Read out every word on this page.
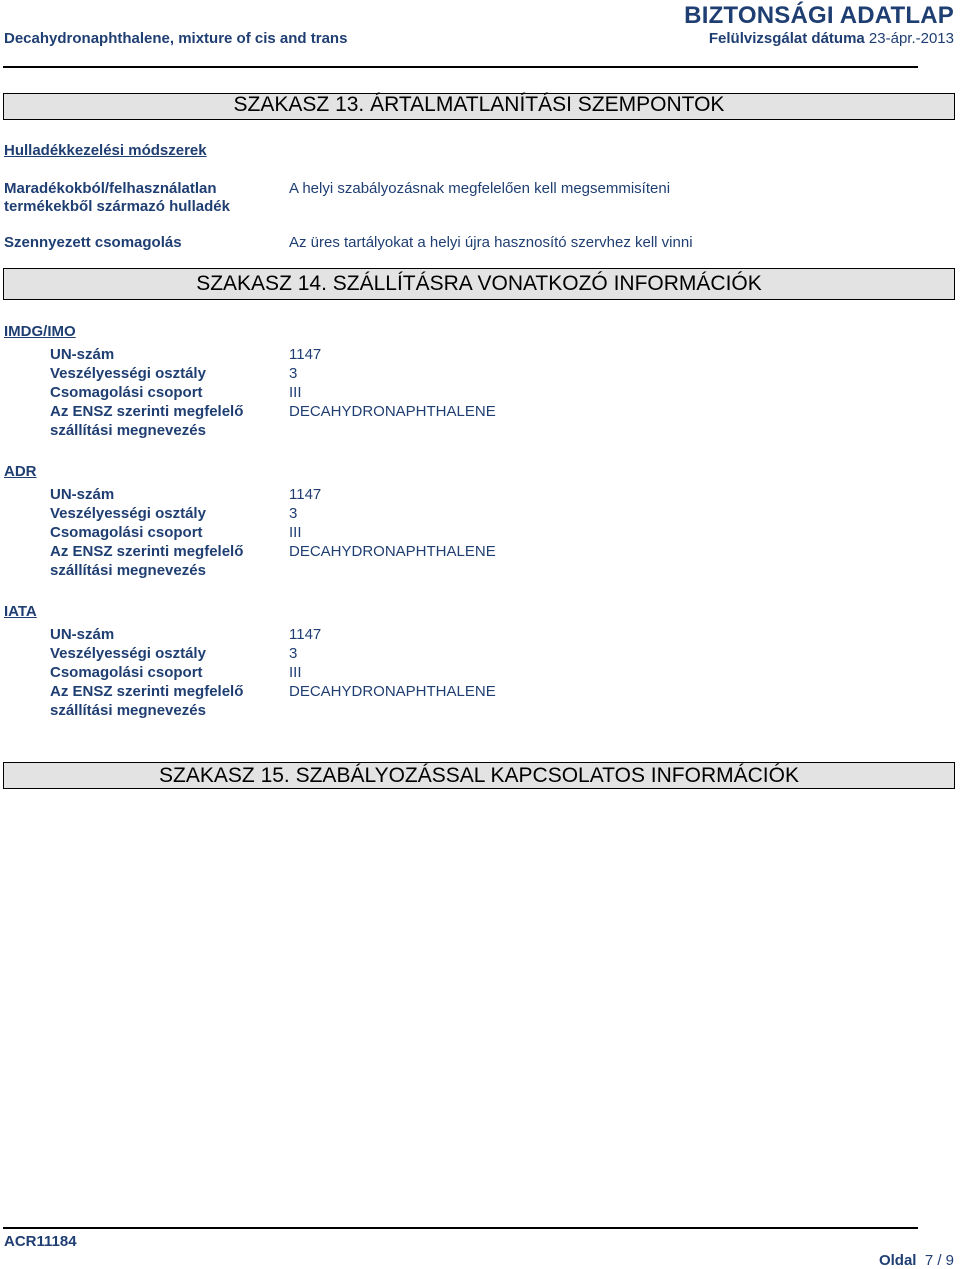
BIZTONSÁGI ADATLAP
Decahydronaphthalene, mixture of cis and trans	Felülvizsgálat dátuma 23-ápr.-2013
SZAKASZ 13. ÁRTALMATLANÍTÁSI SZEMPONTOK
Hulladékkezelési módszerek
Maradékokból/felhasználatlan
termékekből származó hulladék
A helyi szabályozásnak megfelelően kell megsemmisíteni
Szennyezett csomagolás	Az üres tartályokat a helyi újra hasznosító szervhez kell vinni
SZAKASZ 14. SZÁLLÍTÁSRA VONATKOZÓ INFORMÁCIÓK
IMDG/IMO
UN-szám
Veszélyességi osztály
Csomagolási csoport
Az ENSZ szerinti megfelelő
szállítási megnevezés
1147
3
III
DECAHYDRONAPHTHALENE
ADR
UN-szám
Veszélyességi osztály
Csomagolási csoport
Az ENSZ szerinti megfelelő
szállítási megnevezés
1147
3
III
DECAHYDRONAPHTHALENE
IATA
UN-szám
Veszélyességi osztály
Csomagolási csoport
Az ENSZ szerinti megfelelő
szállítási megnevezés
1147
3
III
DECAHYDRONAPHTHALENE
SZAKASZ 15. SZABÁLYOZÁSSAL KAPCSOLATOS INFORMÁCIÓK
ACR11184
Oldal 7 / 9
